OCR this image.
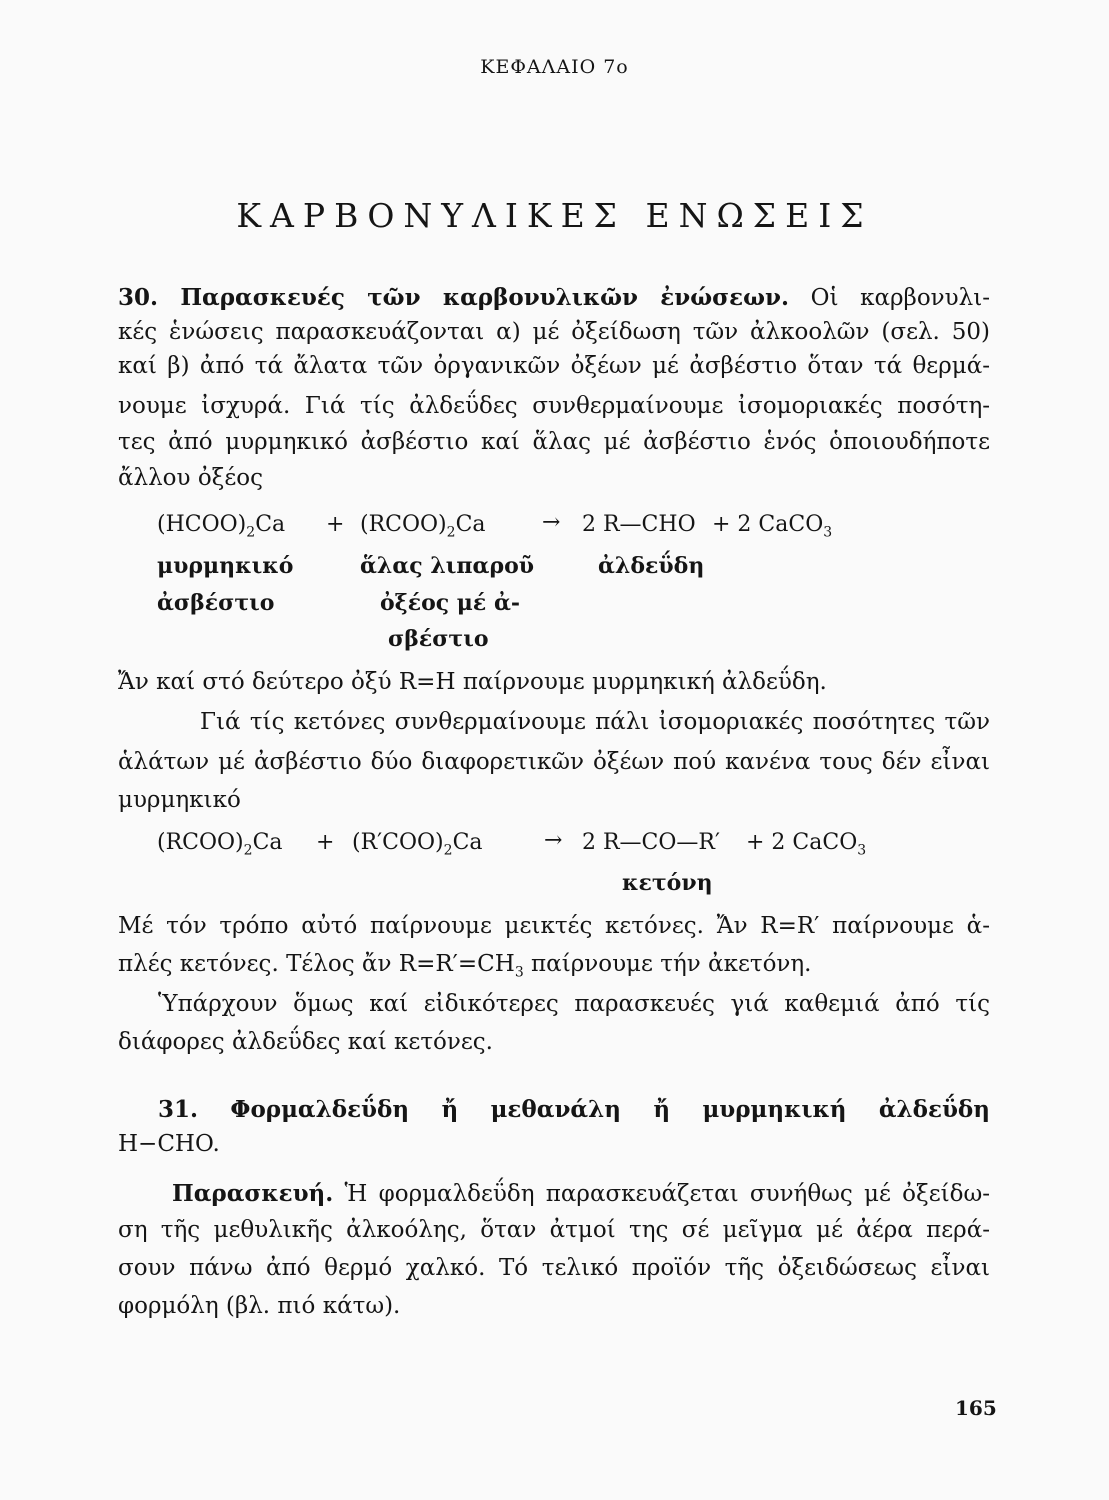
ΚΕΦΑΛΑΙΟ 7ο
ΚΑΡΒΟΝΥΛΙΚΕΣ ΕΝΩΣΕΙΣ
30. Παρασκευές τῶν καρβονυλικῶν ἐνώσεων. Οἱ καρβονυλι-
κές ἑνώσεις παρασκευάζονται α) μέ ὀξείδωση τῶν ἀλκοολῶν (σελ. 50)
καί β) ἀπό τά ἄλατα τῶν ὀργανικῶν ὀξέων μέ ἀσβέστιο ὅταν τά θερμά-
νουμε ἰσχυρά. Γιά τίς ἀλδεΰδες συνθερμαίνουμε ἰσομοριακές ποσότη-
τες ἀπό μυρμηκικό ἀσβέστιο καί ἅλας μέ ἀσβέστιο ἑνός ὁποιουδήποτε
ἄλλου ὀξέος
$(HCOO)_2Ca$ + $(RCOO)_2Ca$	→ 2 R—CHO + 2 CaCO$_3$
μυρμηκικό
ἀσβέστιο
ἅλας λιπαροῦ
ὀξέος μέ ἀ-
σβέστιο
ἀλδεΰδη
Ἄν καί στό δεύτερο ὀξύ R=H παίρνουμε μυρμηκική ἀλδεΰδη.
Γιά τίς κετόνες συνθερμαίνουμε πάλι ἰσομοριακές ποσότητες τῶν
ἁλάτων μέ ἀσβέστιο δύο διαφορετικῶν ὀξέων πού κανένα τους δέν εἶναι
μυρμηκικό
$(RCOO)_2Ca + (R'COO)_2Ca$	→ 2 R—CO—R′ + 2 CaCO$_3$
κετόνη
Μέ τόν τρόπο αὐτό παίρνουμε μεικτές κετόνες. Ἄν R=R′ παίρνουμε ἁ-
πλές κετόνες. Τέλος ἄν $R=R'=CH_3$ παίρνουμε τήν ἀκετόνη.
Ὑπάρχουν ὅμως καί εἰδικότερες παρασκευές γιά καθεμιά ἀπό τίς
διάφορες ἀλδεΰδες καί κετόνες.
31. Φορμαλδεΰδη ἤ μεθανάλη ἤ μυρμηκική ἀλδεΰδη
H−CHO.
Παρασκευή. Ἡ φορμαλδεΰδη παρασκευάζεται συνήθως μέ ὀξείδω-
ση τῆς μεθυλικῆς ἀλκοόλης, ὅταν ἀτμοί της σέ μεῖγμα μέ ἀέρα περά-
σουν πάνω ἀπό θερμό χαλκό. Τό τελικό προϊόν τῆς ὀξειδώσεως εἶναι
φορμόλη (βλ. πιό κάτω).
165
